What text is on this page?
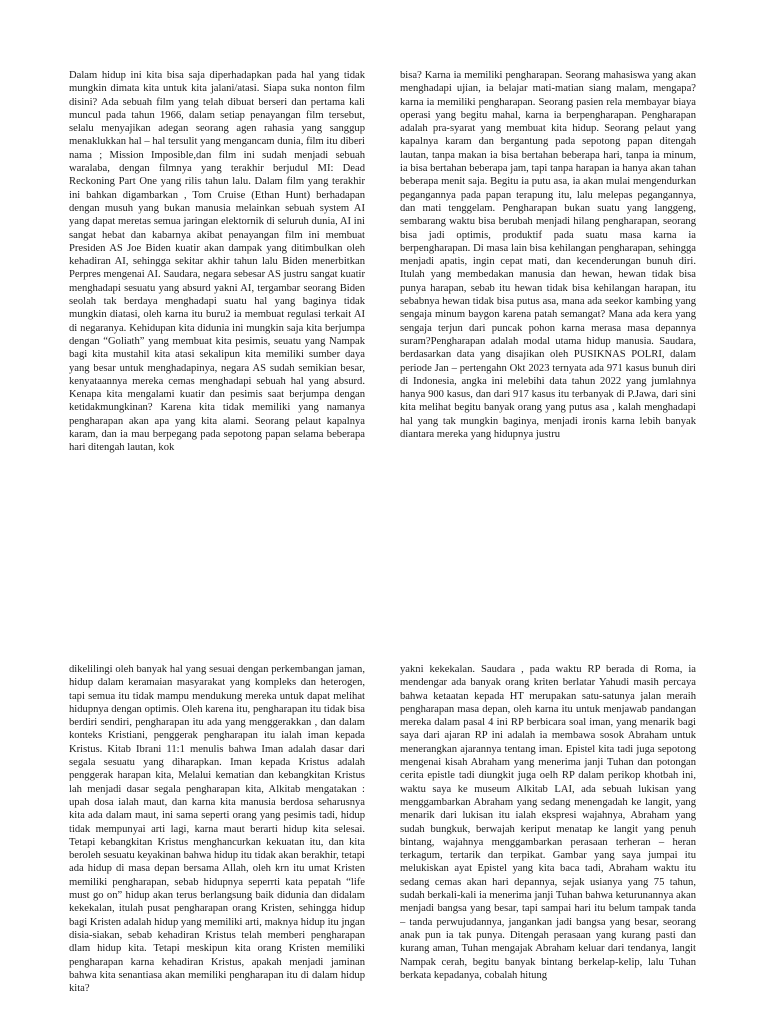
Dalam hidup ini kita bisa saja diperhadapkan pada hal yang tidak mungkin dimata kita untuk kita jalani/atasi. Siapa suka nonton film disini? Ada sebuah film yang telah dibuat berseri dan pertama kali muncul pada tahun 1966, dalam setiap penayangan film tersebut, selalu menyajikan adegan seorang agen rahasia yang sanggup menaklukkan hal – hal tersulit yang mengancam dunia, film itu diberi nama ; Mission Imposible,dan film ini sudah menjadi sebuah waralaba, dengan filmnya yang terakhir berjudul MI: Dead Reckoning Part One yang rilis tahun lalu. Dalam film yang terakhir ini bahkan digambarkan , Tom Cruise (Ethan Hunt) berhadapan dengan musuh yang bukan manusia melainkan sebuah system AI yang dapat meretas semua jaringan elektornik di seluruh dunia, AI ini sangat hebat dan kabarnya akibat penayangan film ini membuat Presiden AS Joe Biden kuatir akan dampak yang ditimbulkan oleh kehadiran AI, sehingga sekitar akhir tahun lalu Biden menerbitkan Perpres mengenai AI. Saudara, negara sebesar AS justru sangat kuatir menghadapi sesuatu yang absurd yakni AI, tergambar seorang Biden seolah tak berdaya menghadapi suatu hal yang baginya tidak mungkin diatasi, oleh karna itu buru2 ia membuat regulasi terkait AI di negaranya. Kehidupan kita didunia ini mungkin saja kita berjumpa dengan “Goliath” yang membuat kita pesimis, seuatu yang Nampak bagi kita mustahil kita atasi sekalipun kita memiliki sumber daya yang besar untuk menghadapinya, negara AS sudah semikian besar, kenyataannya mereka cemas menghadapi sebuah hal yang absurd. Kenapa kita mengalami kuatir dan pesimis saat berjumpa dengan ketidakmungkinan? Karena kita tidak memiliki yang namanya pengharapan akan apa yang kita alami. Seorang pelaut kapalnya karam, dan ia mau berpegang pada sepotong papan selama beberapa hari ditengah lautan, kok

bisa? Karna ia memiliki pengharapan. Seorang mahasiswa yang akan menghadapi ujian, ia belajar mati-matian siang malam, mengapa?karna ia memiliki pengharapan. Seorang pasien rela membayar biaya operasi yang begitu mahal, karna ia berpengharapan. Pengharapan adalah pra-syarat yang membuat kita hidup. Seorang pelaut yang kapalnya karam dan bergantung pada sepotong papan ditengah lautan, tanpa makan ia bisa bertahan beberapa hari, tanpa ia minum, ia bisa bertahan beberapa jam, tapi tanpa harapan ia hanya akan tahan beberapa menit saja. Begitu ia putu asa, ia akan mulai mengendurkan pegangannya pada papan terapung itu, lalu melepas pegangannya, dan mati tenggelam. Pengharapan bukan suatu yang langgeng, sembarang waktu bisa berubah menjadi hilang pengharapan, seorang bisa jadi optimis, produktif pada suatu masa karna ia berpengharapan. Di masa lain bisa kehilangan pengharapan, sehingga menjadi apatis, ingin cepat mati, dan kecenderungan bunuh diri. Itulah yang membedakan manusia dan hewan, hewan tidak bisa punya harapan, sebab itu hewan tidak bisa kehilangan harapan, itu sebabnya hewan tidak bisa putus asa, mana ada seekor kambing yang sengaja minum baygon karena patah semangat? Mana ada kera yang sengaja terjun dari puncak pohon karna merasa masa depannya suram?Pengharapan adalah modal utama hidup manusia. Saudara, berdasarkan data yang disajikan oleh PUSIKNAS POLRI, dalam periode Jan – pertengahn Okt 2023 ternyata ada 971 kasus bunuh diri di Indonesia, angka ini melebihi data tahun 2022 yang jumlahnya hanya 900 kasus, dan dari 917 kasus itu terbanyak di P.Jawa, dari sini kita melihat begitu banyak orang yang putus asa , kalah menghadapi hal yang tak mungkin baginya, menjadi ironis karna lebih banyak diantara mereka yang hidupnya justru

dikelilingi oleh banyak hal yang sesuai dengan perkembangan jaman, hidup dalam keramaian masyarakat yang kompleks dan heterogen, tapi semua itu tidak mampu mendukung mereka untuk dapat melihat hidupnya dengan optimis. Oleh karena itu, pengharapan itu tidak bisa berdiri sendiri, pengharapan itu ada yang menggerakkan , dan dalam konteks Kristiani, penggerak pengharapan itu ialah iman kepada Kristus. Kitab Ibrani 11:1 menulis bahwa Iman adalah dasar dari segala sesuatu yang diharapkan. Iman kepada Kristus adalah penggerak harapan kita, Melalui kematian dan kebangkitan Kristus lah menjadi dasar segala pengharapan kita, Alkitab mengatakan : upah dosa ialah maut, dan karna kita manusia berdosa seharusnya kita ada dalam maut, ini sama seperti orang yang pesimis tadi, hidup tidak mempunyai arti lagi, karna maut berarti hidup kita selesai. Tetapi kebangkitan Kristus menghancurkan kekuatan itu, dan kita beroleh sesuatu keyakinan bahwa hidup itu tidak akan berakhir, tetapi ada hidup di masa depan bersama Allah, oleh krn itu umat Kristen memiliki pengharapan, sebab hidupnya seperrti kata pepatah “life must go on” hidup akan terus berlangsung baik didunia dan didalam kekekalan, itulah pusat pengharapan orang Kristen, sehingga hidup bagi Kristen adalah hidup yang memiliki arti, maknya hidup itu jngan disia-siakan, sebab kehadiran Kristus telah memberi pengharapan dlam hidup kita. Tetapi meskipun kita orang Kristen memiliki pengharapan karna kehadiran Kristus, apakah menjadi jaminan bahwa kita senantiasa akan memiliki pengharapan itu di dalam hidup kita?

yakni kekekalan. Saudara , pada waktu RP berada di Roma, ia mendengar ada banyak orang kriten berlatar Yahudi masih percaya bahwa ketaatan kepada HT merupakan satu-satunya jalan meraih pengharapan masa depan, oleh karna itu untuk menjawab pandangan mereka dalam pasal 4 ini RP berbicara soal iman, yang menarik bagi saya dari ajaran RP ini adalah ia membawa sosok Abraham untuk menerangkan ajarannya tentang iman. Epistel kita tadi juga sepotong mengenai kisah Abraham yang menerima janji Tuhan dan potongan cerita epistle tadi diungkit juga oelh RP dalam perikop khotbah ini, waktu saya ke museum Alkitab LAI, ada sebuah lukisan yang menggambarkan Abraham yang sedang menengadah ke langit, yang menarik dari lukisan itu ialah ekspresi wajahnya, Abraham yang sudah bungkuk, berwajah keriput menatap ke langit yang penuh bintang, wajahnya menggambarkan perasaan terheran – heran terkagum, tertarik dan terpikat. Gambar yang saya jumpai itu melukiskan ayat Epistel yang kita baca tadi, Abraham waktu itu sedang cemas akan hari depannya, sejak usianya yang 75 tahun, sudah berkali-kali ia menerima janji Tuhan bahwa keturunannya akan menjadi bangsa yang besar, tapi sampai hari itu belum tampak tanda – tanda perwujudannya, jangankan jadi bangsa yang besar, seorang anak pun ia tak punya. Ditengah perasaan yang kurang pasti dan kurang aman, Tuhan mengajak Abraham keluar dari tendanya, langit Nampak cerah, begitu banyak bintang berkelap-kelip, lalu Tuhan berkata kepadanya, cobalah hitung
